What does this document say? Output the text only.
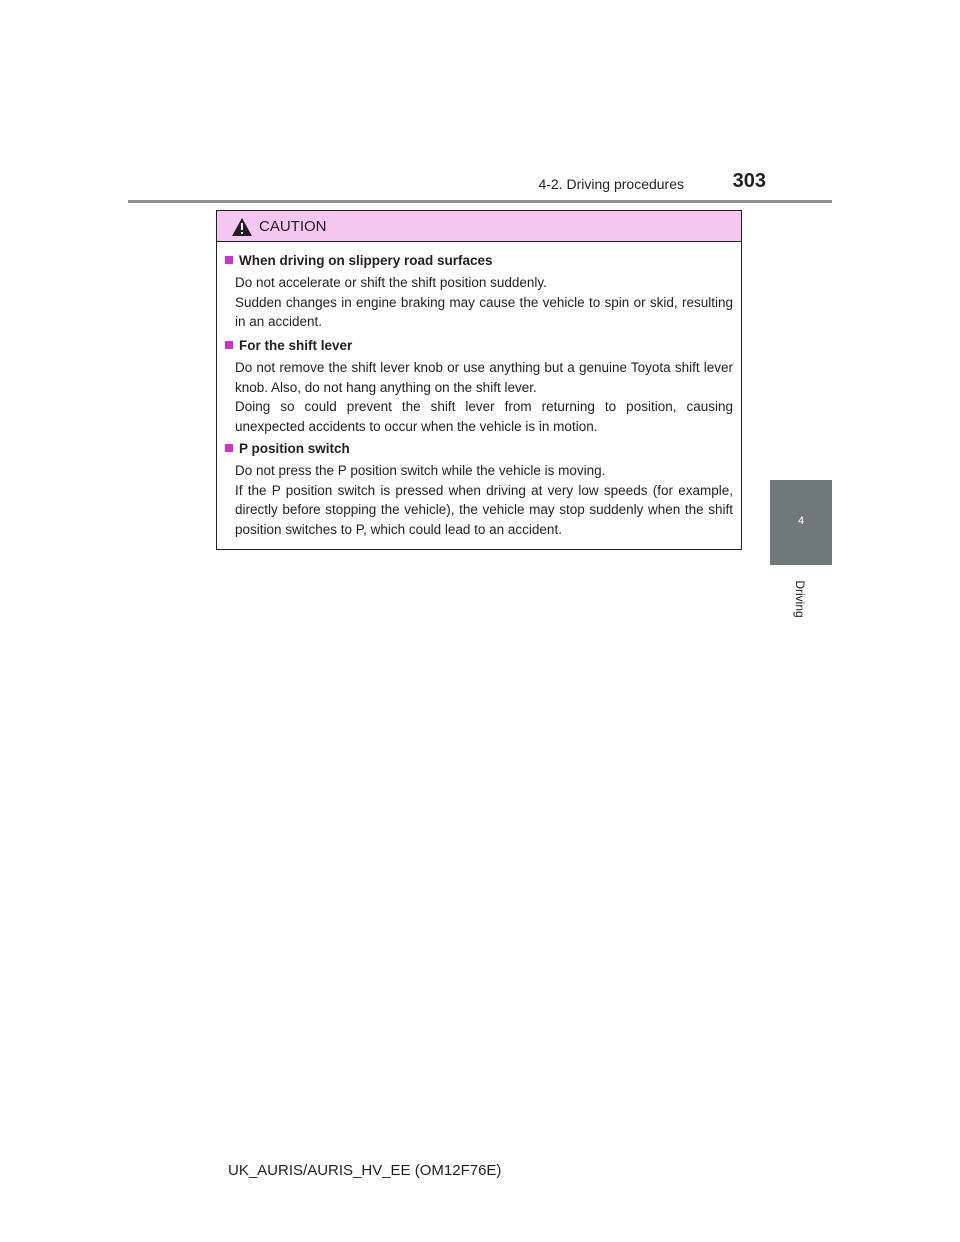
4-2. Driving procedures	303
4
Driving
CAUTION
When driving on slippery road surfaces

Do not accelerate or shift the shift position suddenly.

Sudden changes in engine braking may cause the vehicle to spin or skid, resulting in an accident.

For the shift lever

Do not remove the shift lever knob or use anything but a genuine Toyota shift lever knob. Also, do not hang anything on the shift lever.

Doing so could prevent the shift lever from returning to position, causing unexpected accidents to occur when the vehicle is in motion.

P position switch

Do not press the P position switch while the vehicle is moving.

If the P position switch is pressed when driving at very low speeds (for example, directly before stopping the vehicle), the vehicle may stop suddenly when the shift position switches to P, which could lead to an accident.

UK_AURIS/AURIS_HV_EE (OM12F76E)
